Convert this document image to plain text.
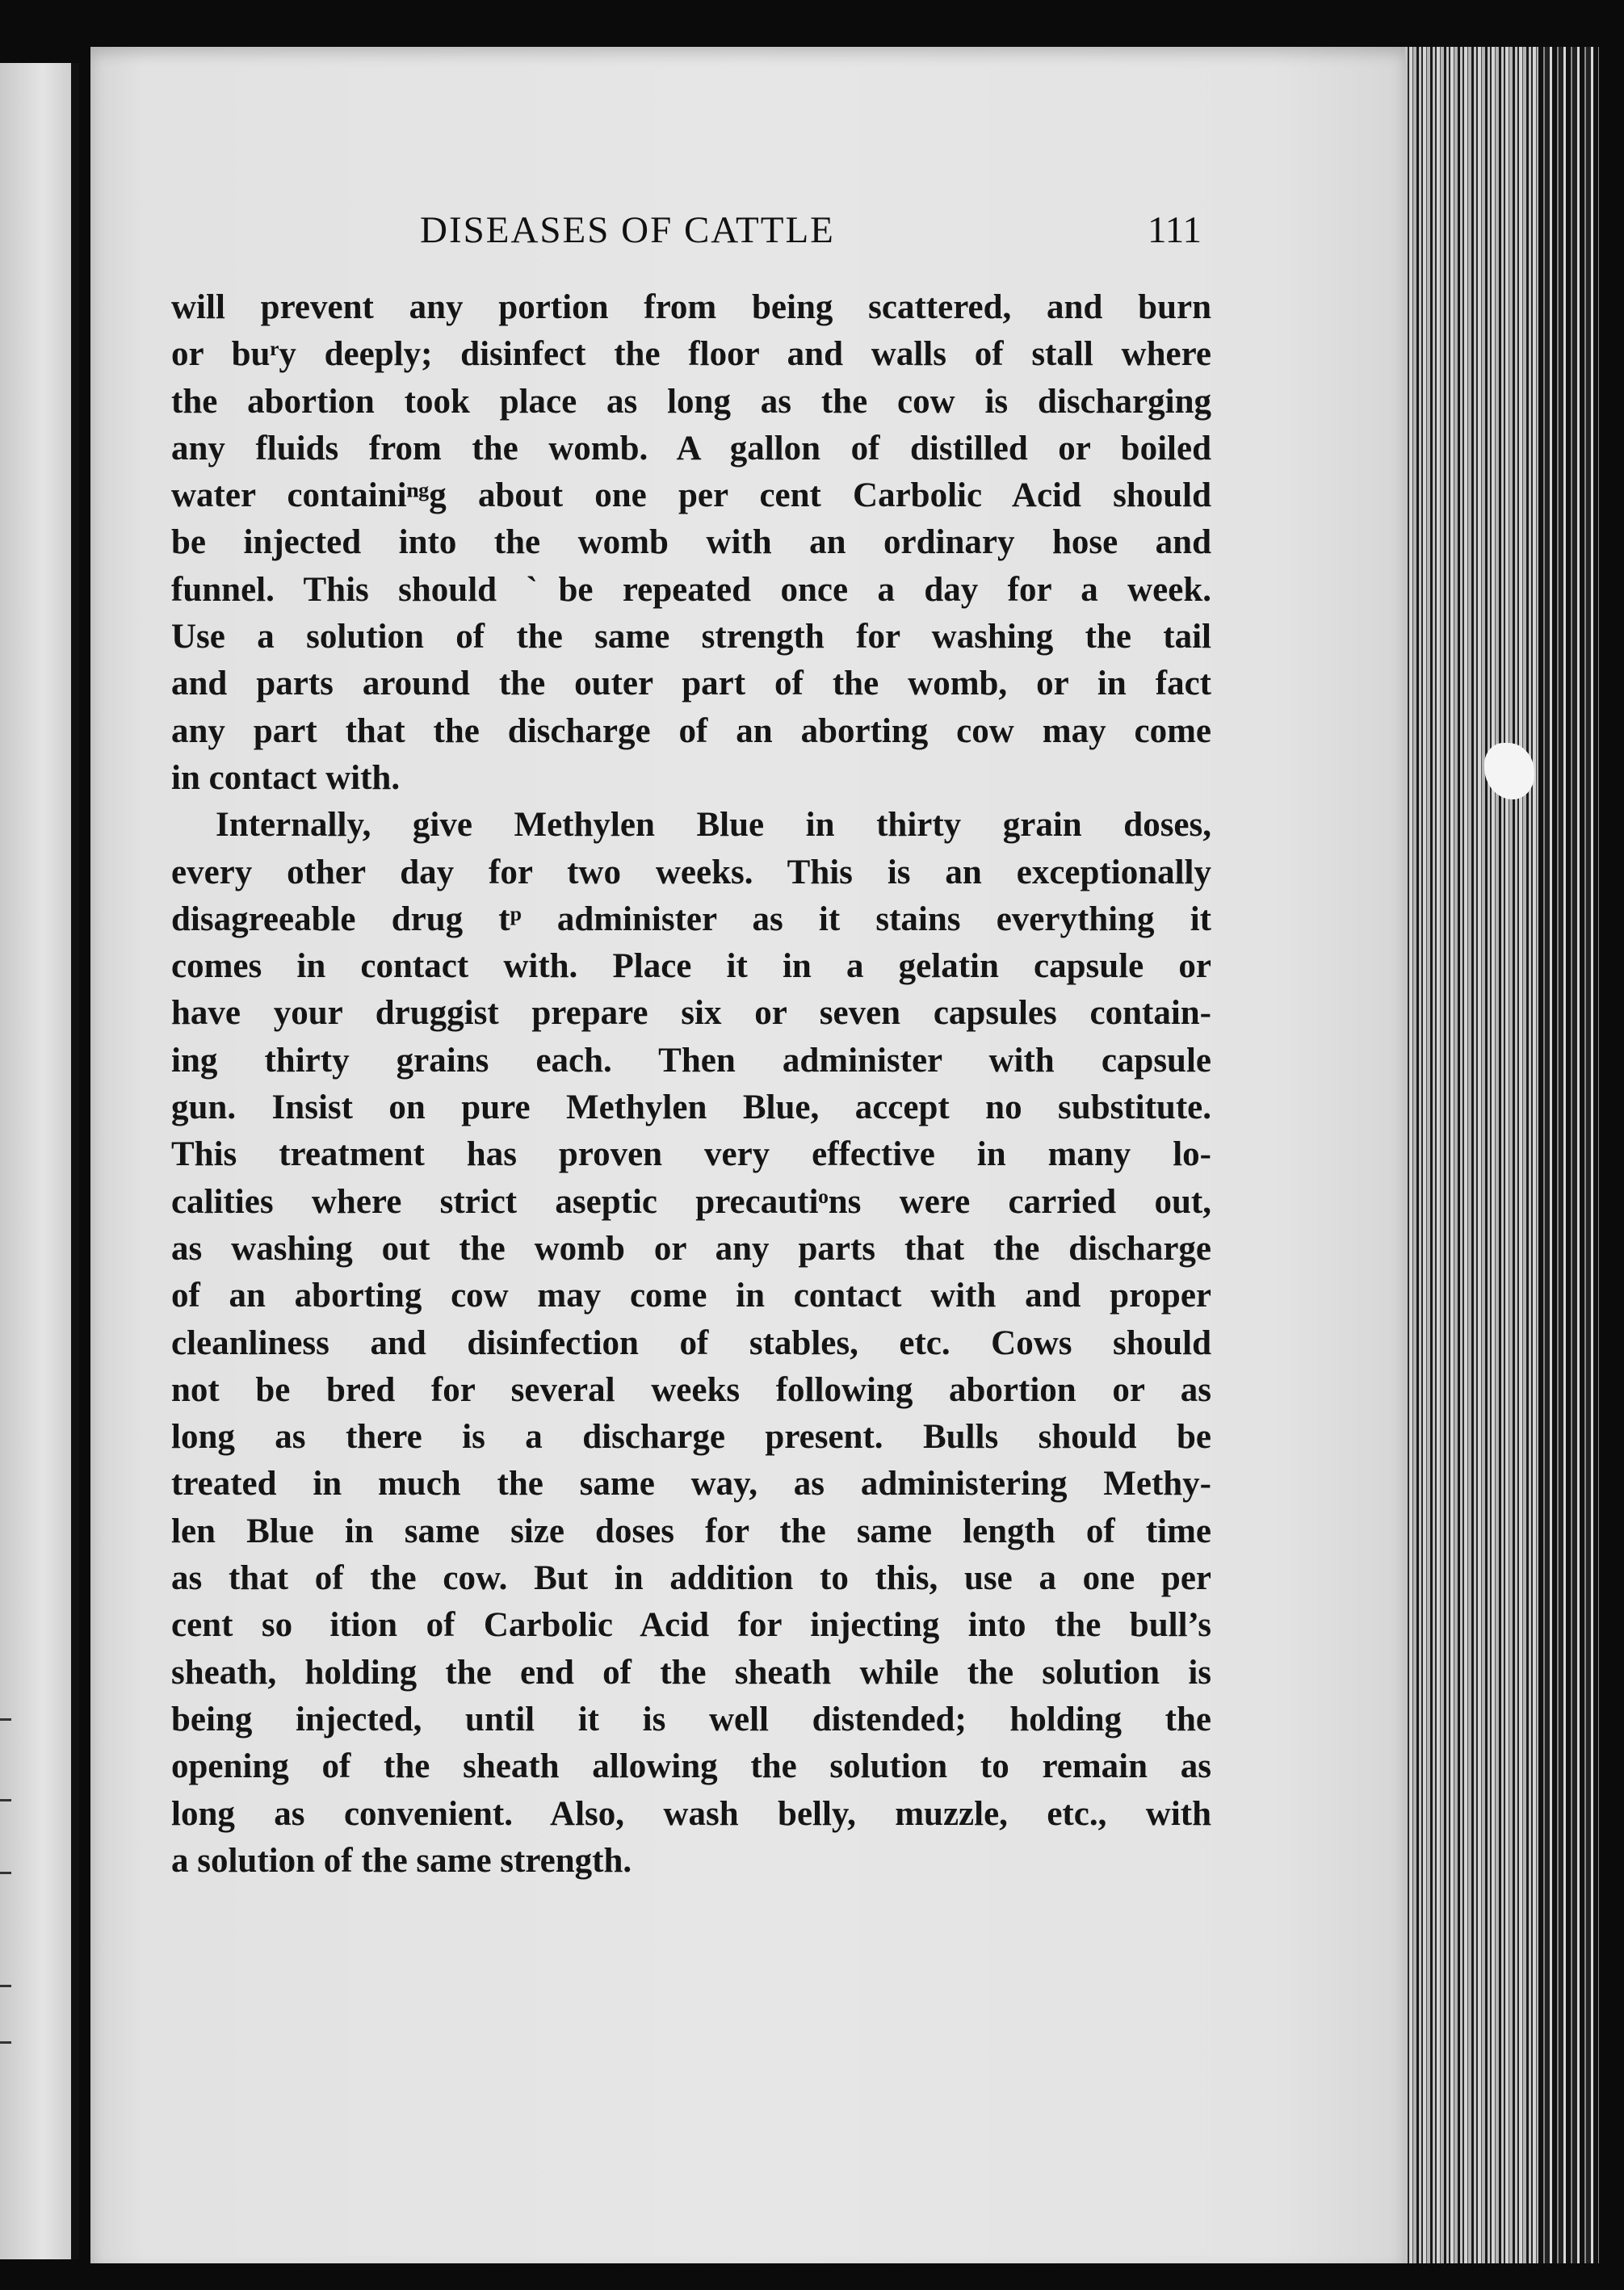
DISEASES OF CATTLE	111
will prevent any portion from being scattered, and burn
or buʳy deeply; disinfect the floor and walls of stall where
the abortion took place as long as the cow is discharging
any fluids from the womb. A gallon of distilled or boiled
water containiⁿᵍg about one per cent Carbolic Acid should
be injected into the womb with an ordinary hose and
funnel. This should ˋbe repeated once a day for a week.
Use a solution of the same strength for washing the tail
and parts around the outer part of the womb, or in fact
any part that the discharge of an aborting cow may come
in contact with.
Internally, give Methylen Blue in thirty grain doses,
every other day for two weeks. This is an exceptionally
disagreeable drug tᵖ administer as it stains everything it
comes in contact with. Place it in a gelatin capsule or
have your druggist prepare six or seven capsules contain-
ing thirty grains each. Then administer with capsule
gun. Insist on pure Methylen Blue, accept no substitute.
This treatment has proven very effective in many lo-
calities where strict aseptic precautiᵒns were carried out,
as washing out the womb or any parts that the discharge
of an aborting cow may come in contact with and proper
cleanliness and disinfection of stables, etc. Cows should
not be bred for several weeks following abortion or as
long as there is a discharge present. Bulls should be
treated in much the same way, as administering Methy-
len Blue in same size doses for the same length of time
as that of the cow. But in addition to this, use a one per
cent so  ition of Carbolic Acid for injecting into the bull’s
sheath, holding the end of the sheath while the solution is
being injected, until it is well distended; holding the
opening of the sheath allowing the solution to remain as
long as convenient. Also, wash belly, muzzle, etc., with
a solution of the same strength.
